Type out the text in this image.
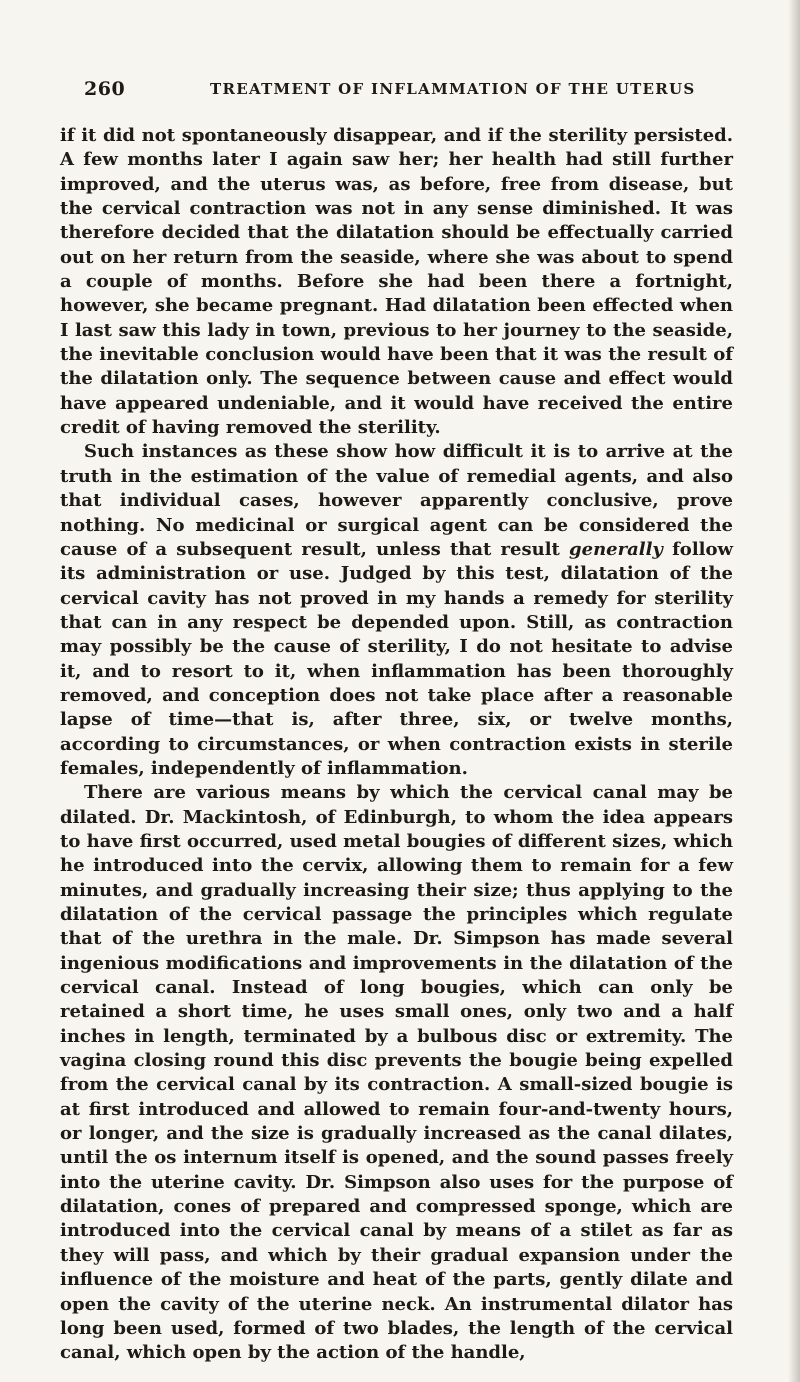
260	TREATMENT OF INFLAMMATION OF THE UTERUS

if it did not spontaneously disappear, and if the sterility persisted. A few months later I again saw her; her health had still further improved, and the uterus was, as before, free from disease, but the cervical contraction was not in any sense diminished. It was therefore decided that the dilatation should be effectually carried out on her return from the seaside, where she was about to spend a couple of months. Before she had been there a fortnight, however, she became pregnant. Had dilatation been effected when I last saw this lady in town, previous to her journey to the seaside, the inevitable conclusion would have been that it was the result of the dilatation only. The sequence between cause and effect would have appeared undeniable, and it would have received the entire credit of having removed the sterility.

Such instances as these show how difficult it is to arrive at the truth in the estimation of the value of remedial agents, and also that individual cases, however apparently conclusive, prove nothing. No medicinal or surgical agent can be considered the cause of a subsequent result, unless that result generally follow its administration or use. Judged by this test, dilatation of the cervical cavity has not proved in my hands a remedy for sterility that can in any respect be depended upon. Still, as contraction may possibly be the cause of sterility, I do not hesitate to advise it, and to resort to it, when inflammation has been thoroughly removed, and conception does not take place after a reasonable lapse of time—that is, after three, six, or twelve months, according to circumstances, or when contraction exists in sterile females, independently of inflammation.

There are various means by which the cervical canal may be dilated. Dr. Mackintosh, of Edinburgh, to whom the idea appears to have first occurred, used metal bougies of different sizes, which he introduced into the cervix, allowing them to remain for a few minutes, and gradually increasing their size; thus applying to the dilatation of the cervical passage the principles which regulate that of the urethra in the male. Dr. Simpson has made several ingenious modifications and improvements in the dilatation of the cervical canal. Instead of long bougies, which can only be retained a short time, he uses small ones, only two and a half inches in length, terminated by a bulbous disc or extremity. The vagina closing round this disc prevents the bougie being expelled from the cervical canal by its contraction. A small-sized bougie is at first introduced and allowed to remain four-and-twenty hours, or longer, and the size is gradually increased as the canal dilates, until the os internum itself is opened, and the sound passes freely into the uterine cavity. Dr. Simpson also uses for the purpose of dilatation, cones of prepared and compressed sponge, which are introduced into the cervical canal by means of a stilet as far as they will pass, and which by their gradual expansion under the influence of the moisture and heat of the parts, gently dilate and open the cavity of the uterine neck. An instrumental dilator has long been used, formed of two blades, the length of the cervical canal, which open by the action of the handle,
